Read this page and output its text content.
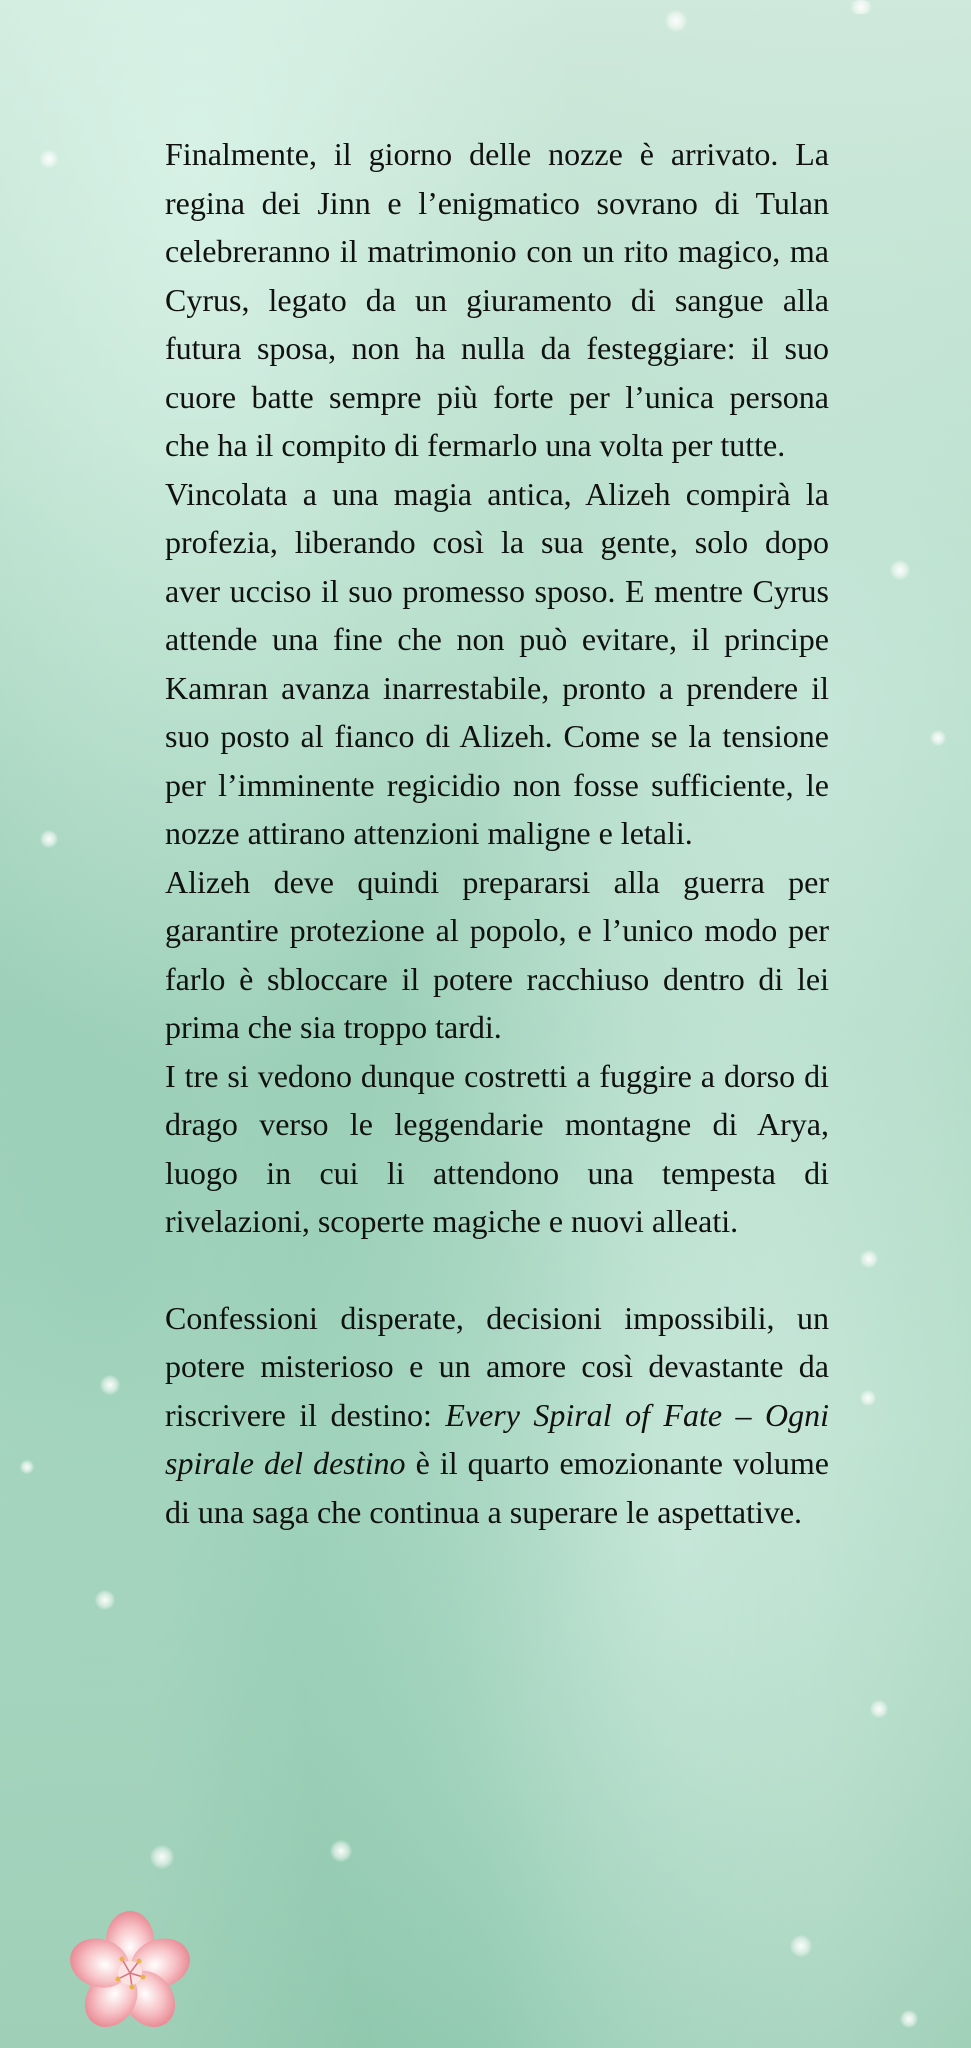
Finalmente, il giorno delle nozze è arrivato. La regina dei Jinn e l’enigmatico sovrano di Tulan celebreranno il matrimonio con un rito magico, ma Cyrus, legato da un giuramento di sangue alla futura sposa, non ha nulla da festeggiare: il suo cuore batte sempre più forte per l’unica persona che ha il compito di fermarlo una volta per tutte.

Vincolata a una magia antica, Alizeh compirà la profezia, liberando così la sua gente, solo dopo aver ucciso il suo promesso sposo. E mentre Cyrus attende una fine che non può evitare, il principe Kamran avanza inarrestabile, pronto a prendere il suo posto al fianco di Alizeh. Come se la tensione per l’imminente regicidio non fosse sufficiente, le nozze attirano attenzioni maligne e letali.

Alizeh deve quindi prepararsi alla guerra per garantire protezione al popolo, e l’unico modo per farlo è sbloccare il potere racchiuso dentro di lei prima che sia troppo tardi.

I tre si vedono dunque costretti a fuggire a dorso di drago verso le leggendarie montagne di Arya, luogo in cui li attendono una tempesta di rivelazioni, scoperte magiche e nuovi alleati.

Confessioni disperate, decisioni impossibili, un potere misterioso e un amore così devastante da riscrivere il destino: Every Spiral of Fate – Ogni spirale del destino è il quarto emozionante volume di una saga che continua a superare le aspettative.
